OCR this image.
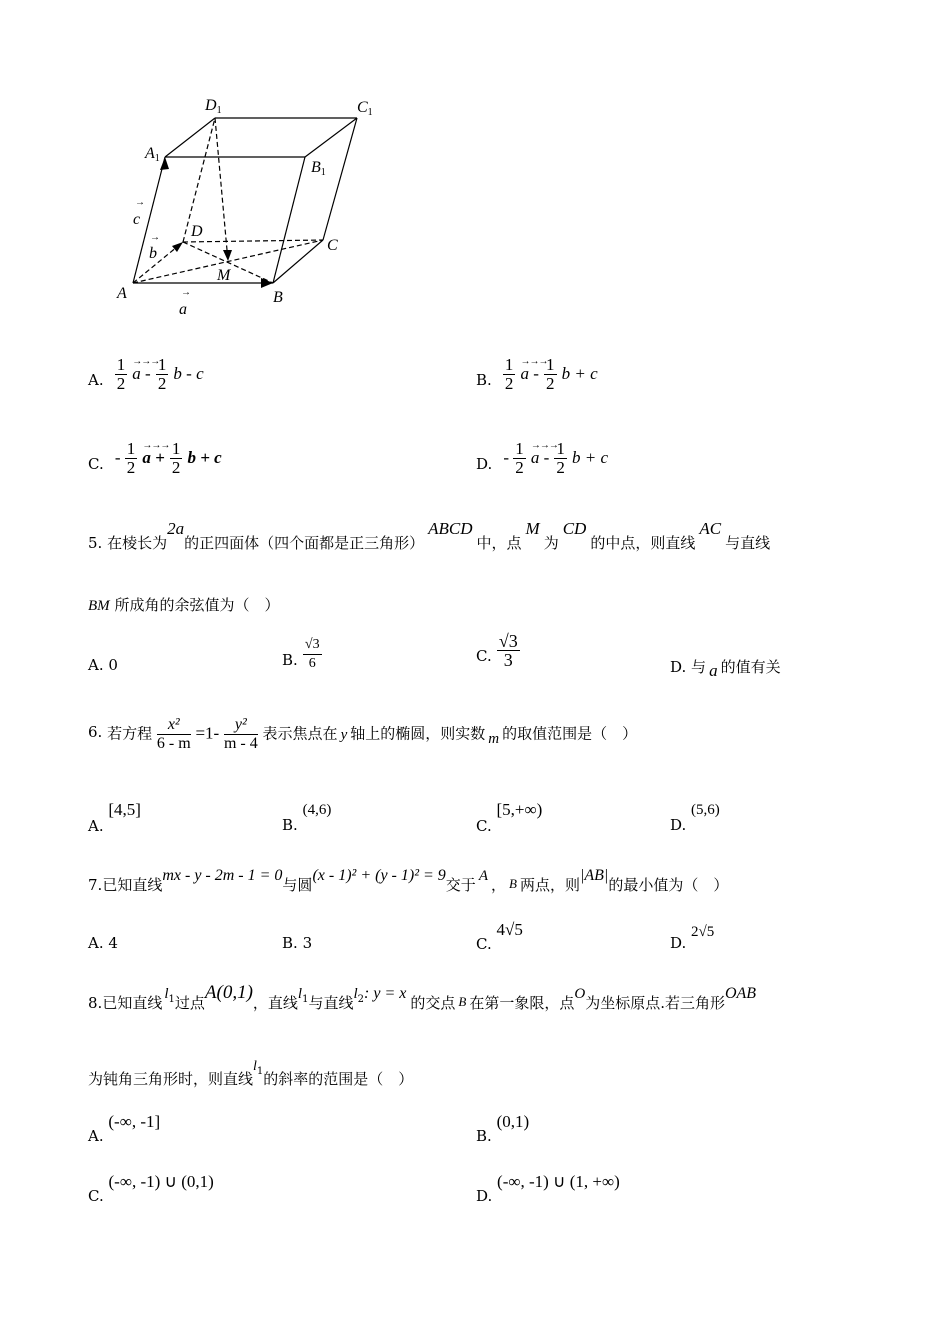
D1	C1
A1
B1
D
C
M
A	B
→
c
→
b
→
a
A. $\frac{1}{2}$
→→→
a - $\frac{1}{2}$ b - c	B. $\frac{1}{2}$
→→→
a - $\frac{1}{2}$ b + c
C. - $\frac{1}{2}$
→→→
$a + \frac{1}{2}$ b + c	D. - $\frac{1}{2}$
→→→
a - $\frac{1}{2}$ b + c
5. 在棱长为2a的正四面体（四个面都是正三角形）ABCD中，点M为CD的中点，则直线AC与直线
BM 所成角的余弦值为（　）
A. 0	B. $\frac{√3}{6}$	C. $\frac{√3}{3}$	D. 与 a 的值有关
6. 若方程 $\frac{\text{x²}}{6 - m} =1- \frac{\text{y²}}{m - 4}$ 表示焦点在 y 轴上的椭圆，则实数 m 的取值范围是（　）
A. [4,5]
B. (4,6)
C. [5,+∞)
D. (5,6)
7.已知直线mx - y - 2m - 1 = 0与圆(x - 1)² + (y - 1)² = 9交于 A ， B 两点，则|AB|的最小值为（　）
A. 4	B. 3	C. 4√5
D. 2√5
8.已知直线 $l_1$过点A(0,1)，直线$l_1$与直线$l_2$: y = x的交点 B 在第一象限，点O为坐标原点.若三角形OAB
为钝角三角形时，则直线$l_1$的斜率的范围是（　）
A. (-∞, -1]
B. (0,1)
C. (-∞, -1) ∪ (0,1)
D. (-∞, -1) ∪ (1, +∞)
